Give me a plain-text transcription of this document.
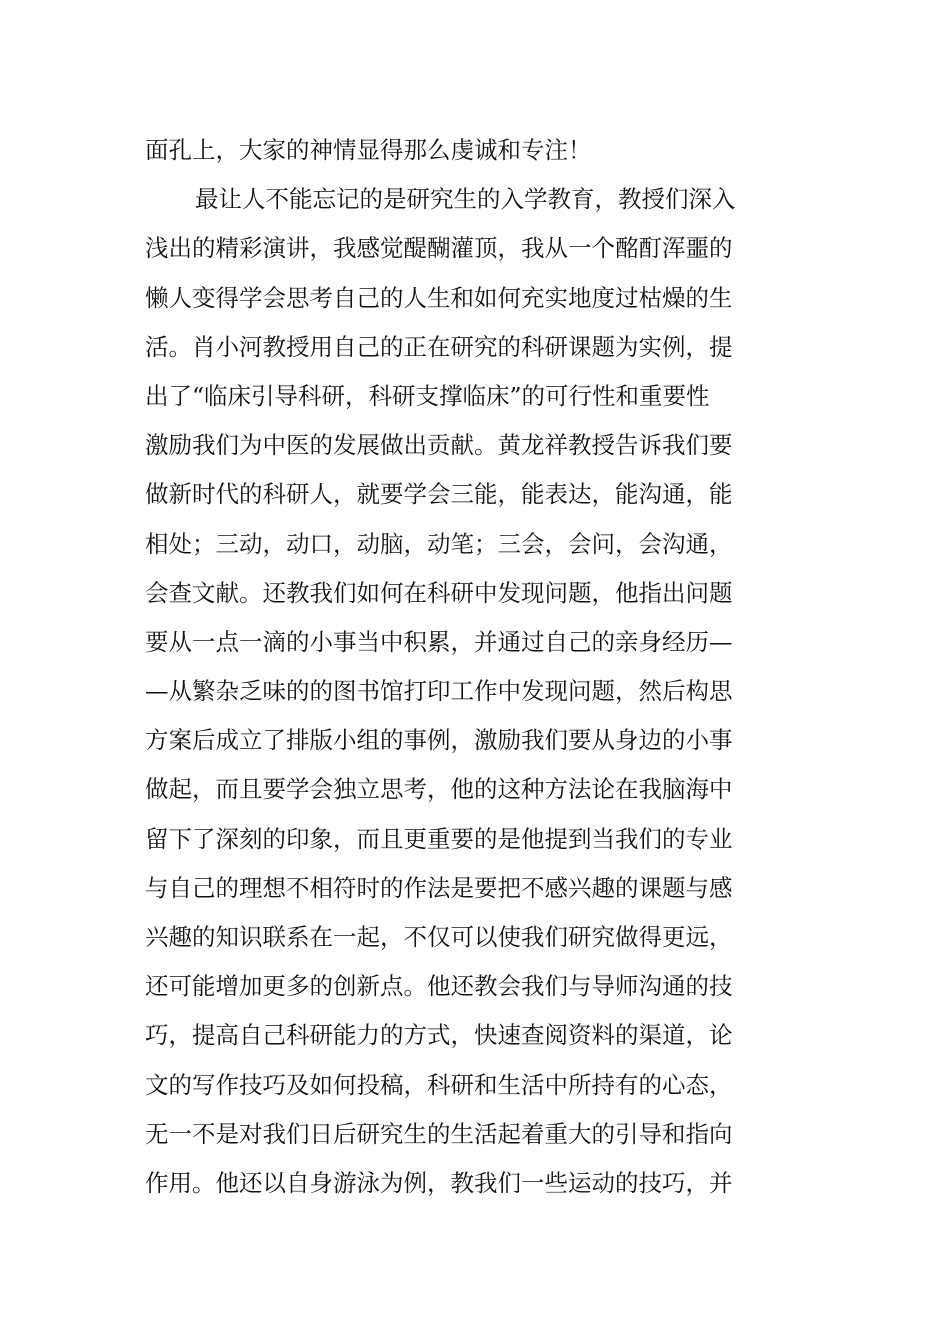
面孔上，大家的神情显得那么虔诚和专注！
最让人不能忘记的是研究生的入学教育，教授们深入
浅出的精彩演讲，我感觉醍醐灌顶，我从一个酩酊浑噩的
懒人变得学会思考自己的人生和如何充实地度过枯燥的生
活。肖小河教授用自己的正在研究的科研课题为实例，提
出了“临床引导科研，科研支撑临床”的可行性和重要性
激励我们为中医的发展做出贡献。黄龙祥教授告诉我们要
做新时代的科研人，就要学会三能，能表达，能沟通，能
相处；三动，动口，动脑，动笔；三会，会问，会沟通，
会查文献。还教我们如何在科研中发现问题，他指出问题
要从一点一滴的小事当中积累，并通过自己的亲身经历—
—从繁杂乏味的的图书馆打印工作中发现问题，然后构思
方案后成立了排版小组的事例，激励我们要从身边的小事
做起，而且要学会独立思考，他的这种方法论在我脑海中
留下了深刻的印象，而且更重要的是他提到当我们的专业
与自己的理想不相符时的作法是要把不感兴趣的课题与感
兴趣的知识联系在一起，不仅可以使我们研究做得更远，
还可能增加更多的创新点。他还教会我们与导师沟通的技
巧，提高自己科研能力的方式，快速查阅资料的渠道，论
文的写作技巧及如何投稿，科研和生活中所持有的心态，
无一不是对我们日后研究生的生活起着重大的引导和指向
作用。他还以自身游泳为例，教我们一些运动的技巧，并
